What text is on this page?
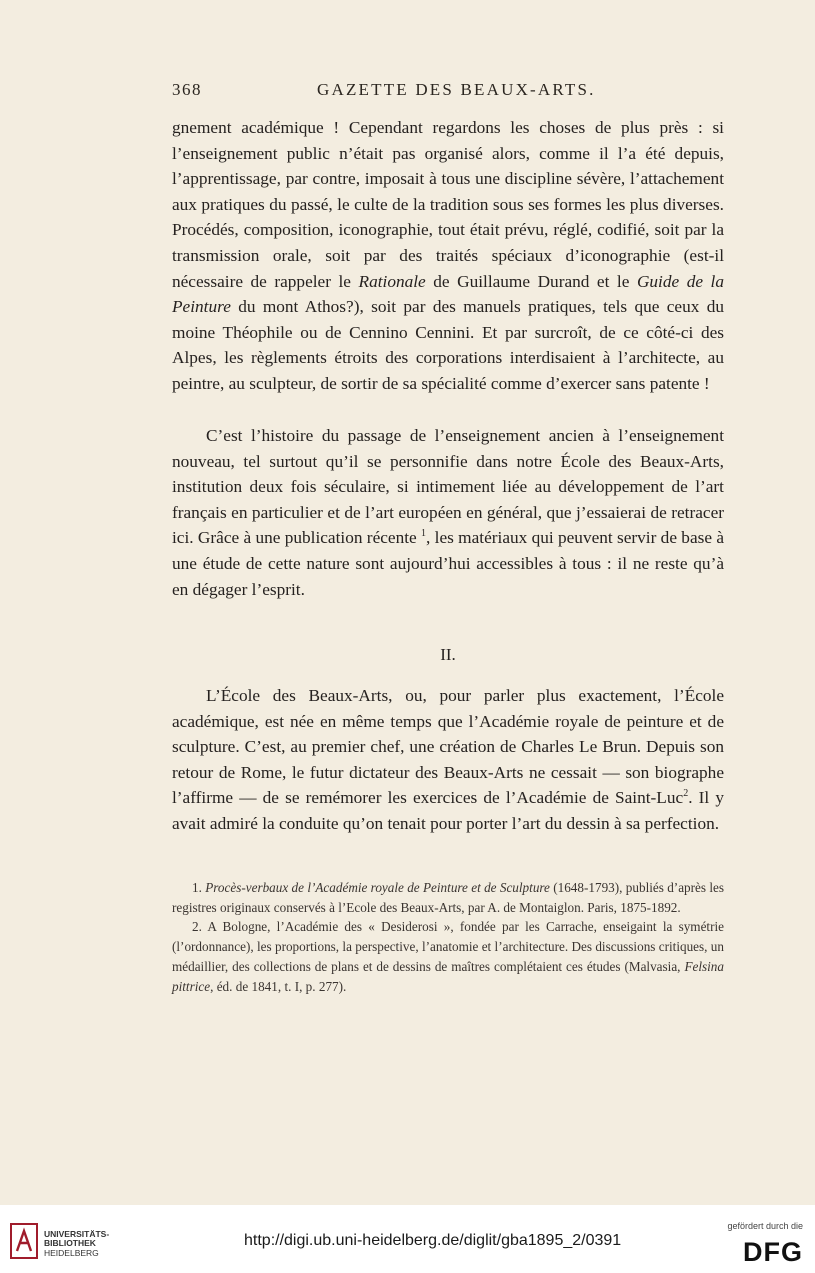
368	GAZETTE DES BEAUX-ARTS.

gnement académique ! Cependant regardons les choses de plus près : si l’enseignement public n’était pas organisé alors, comme il l’a été depuis, l’apprentissage, par contre, imposait à tous une discipline sévère, l’attachement aux pratiques du passé, le culte de la tradition sous ses formes les plus diverses. Procédés, composition, iconographie, tout était prévu, réglé, codifié, soit par la transmission orale, soit par des traités spéciaux d’iconographie (est-il nécessaire de rappeler le Rationale de Guillaume Durand et le Guide de la Peinture du mont Athos?), soit par des manuels pratiques, tels que ceux du moine Théophile ou de Cennino Cennini. Et par surcroît, de ce côté-ci des Alpes, les règlements étroits des corporations interdisaient à l’architecte, au peintre, au sculpteur, de sortir de sa spécialité comme d’exercer sans patente !

C’est l’histoire du passage de l’enseignement ancien à l’enseignement nouveau, tel surtout qu’il se personnifie dans notre École des Beaux-Arts, institution deux fois séculaire, si intimement liée au développement de l’art français en particulier et de l’art européen en général, que j’essaierai de retracer ici. Grâce à une publication récente $^1$, les matériaux qui peuvent servir de base à une étude de cette nature sont aujourd’hui accessibles à tous : il ne reste qu’à en dégager l’esprit.

II.

L’École des Beaux-Arts, ou, pour parler plus exactement, l’École académique, est née en même temps que l’Académie royale de peinture et de sculpture. C’est, au premier chef, une création de Charles Le Brun. Depuis son retour de Rome, le futur dictateur des Beaux-Arts ne cessait — son biographe l’affirme — de se remémorer les exercices de l’Académie de Saint-Luc$^2$. Il y avait admiré la conduite qu’on tenait pour porter l’art du dessin à sa perfection.

1. Procès-verbaux de l’Académie royale de Peinture et de Sculpture (1648-1793), publiés d’après les registres originaux conservés à l’Ecole des Beaux-Arts, par A. de Montaiglon. Paris, 1875-1892.

2. A Bologne, l’Académie des « Desiderosi », fondée par les Carrache, enseigaint la symétrie (l’ordonnance), les proportions, la perspective, l’anatomie et l’architecture. Des discussions critiques, un médaillier, des collections de plans et de dessins de maîtres complétaient ces études (Malvasia, Felsina pittrice, éd. de 1841, t. I, p. 277).

UNIVERSITÄTS-
BIBLIOTHEK
HEIDELBERG
http://digi.ub.uni-heidelberg.de/diglit/gba1895_2/0391
gefördert durch die
DFG
